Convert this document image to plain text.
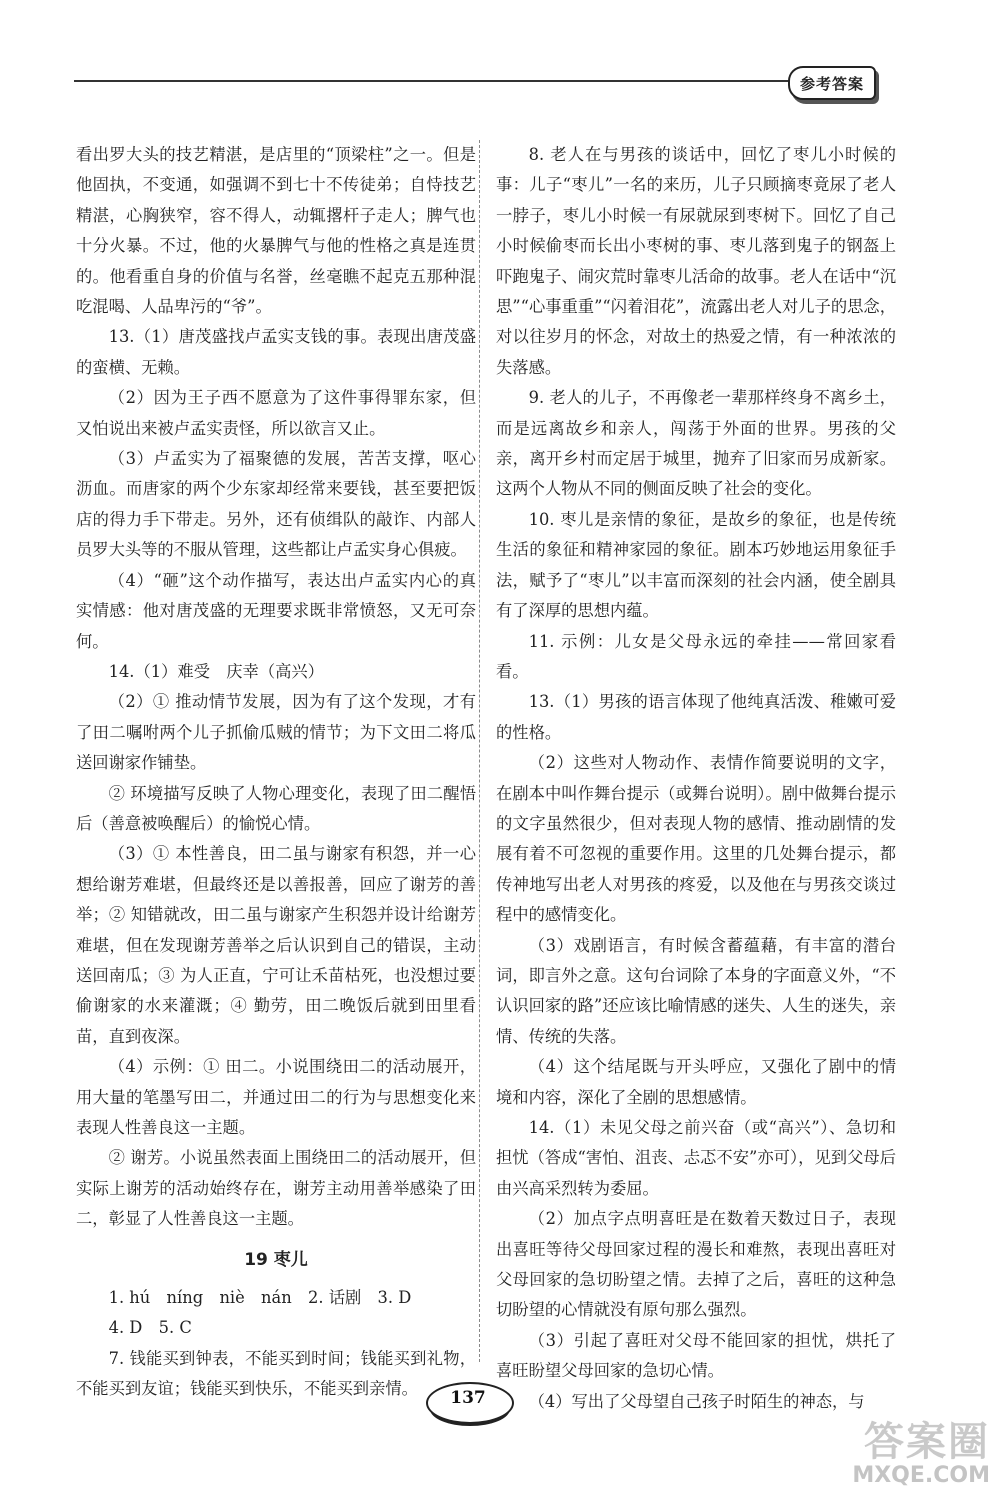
参考答案

看出罗大头的技艺精湛，是店里的“顶梁柱”之一。但是他固执，不变通，如强调不到七十不传徒弟；自恃技艺精湛，心胸狭窄，容不得人，动辄撂杆子走人；脾气也十分火暴。不过，他的火暴脾气与他的性格之真是连贯的。他看重自身的价值与名誉，丝毫瞧不起克五那种混吃混喝、人品卑污的“爷”。

13.（1）唐茂盛找卢孟实支钱的事。表现出唐茂盛的蛮横、无赖。

（2）因为王子西不愿意为了这件事得罪东家，但又怕说出来被卢孟实责怪，所以欲言又止。

（3）卢孟实为了福聚德的发展，苦苦支撑，呕心沥血。而唐家的两个少东家却经常来要钱，甚至要把饭店的得力手下带走。另外，还有侦缉队的敲诈、内部人员罗大头等的不服从管理，这些都让卢孟实身心俱疲。

（4）“砸”这个动作描写，表达出卢孟实内心的真实情感：他对唐茂盛的无理要求既非常愤怒，又无可奈何。

14.（1）难受　庆幸（高兴）

（2）① 推动情节发展，因为有了这个发现，才有了田二嘱咐两个儿子抓偷瓜贼的情节；为下文田二将瓜送回谢家作铺垫。

② 环境描写反映了人物心理变化，表现了田二醒悟后（善意被唤醒后）的愉悦心情。

（3）① 本性善良，田二虽与谢家有积怨，并一心想给谢芳难堪，但最终还是以善报善，回应了谢芳的善举；② 知错就改，田二虽与谢家产生积怨并设计给谢芳难堪，但在发现谢芳善举之后认识到自己的错误，主动送回南瓜；③ 为人正直，宁可让禾苗枯死，也没想过要偷谢家的水来灌溉；④ 勤劳，田二晚饭后就到田里看苗，直到夜深。

（4）示例：① 田二。小说围绕田二的活动展开，用大量的笔墨写田二，并通过田二的行为与思想变化来表现人性善良这一主题。

② 谢芳。小说虽然表面上围绕田二的活动展开，但实际上谢芳的活动始终存在，谢芳主动用善举感染了田二，彰显了人性善良这一主题。

19 枣儿

1. hú　níng　niè　nán　2. 话剧　3. D

4. D　5. C

7. 钱能买到钟表，不能买到时间；钱能买到礼物，不能买到友谊；钱能买到快乐，不能买到亲情。

8. 老人在与男孩的谈话中，回忆了枣儿小时候的事：儿子“枣儿”一名的来历，儿子只顾摘枣竟尿了老人一脖子，枣儿小时候一有尿就尿到枣树下。回忆了自己小时候偷枣而长出小枣树的事、枣儿落到鬼子的钢盔上吓跑鬼子、闹灾荒时靠枣儿活命的故事。老人在话中“沉思”“心事重重”“闪着泪花”，流露出老人对儿子的思念，对以往岁月的怀念，对故土的热爱之情，有一种浓浓的失落感。

9. 老人的儿子，不再像老一辈那样终身不离乡土，而是远离故乡和亲人，闯荡于外面的世界。男孩的父亲，离开乡村而定居于城里，抛弃了旧家而另成新家。这两个人物从不同的侧面反映了社会的变化。

10. 枣儿是亲情的象征，是故乡的象征，也是传统生活的象征和精神家园的象征。剧本巧妙地运用象征手法，赋予了“枣儿”以丰富而深刻的社会内涵，使全剧具有了深厚的思想内蕴。

11. 示例：儿女是父母永远的牵挂——常回家看看。

13.（1）男孩的语言体现了他纯真活泼、稚嫩可爱的性格。

（2）这些对人物动作、表情作简要说明的文字，在剧本中叫作舞台提示（或舞台说明）。剧中做舞台提示的文字虽然很少，但对表现人物的感情、推动剧情的发展有着不可忽视的重要作用。这里的几处舞台提示，都传神地写出老人对男孩的疼爱，以及他在与男孩交谈过程中的感情变化。

（3）戏剧语言，有时候含蓄蕴藉，有丰富的潜台词，即言外之意。这句台词除了本身的字面意义外，“不认识回家的路”还应该比喻情感的迷失、人生的迷失，亲情、传统的失落。

（4）这个结尾既与开头呼应，又强化了剧中的情境和内容，深化了全剧的思想感情。

14.（1）未见父母之前兴奋（或“高兴”）、急切和担忧（答成“害怕、沮丧、忐忑不安”亦可），见到父母后由兴高采烈转为委屈。

（2）加点字点明喜旺是在数着天数过日子，表现出喜旺等待父母回家过程的漫长和难熬，表现出喜旺对父母回家的急切盼望之情。去掉了之后，喜旺的这种急切盼望的心情就没有原句那么强烈。

（3）引起了喜旺对父母不能回家的担忧，烘托了喜旺盼望父母回家的急切心情。

（4）写出了父母望自己孩子时陌生的神态，与

137
答案圈
MXQE.COM
